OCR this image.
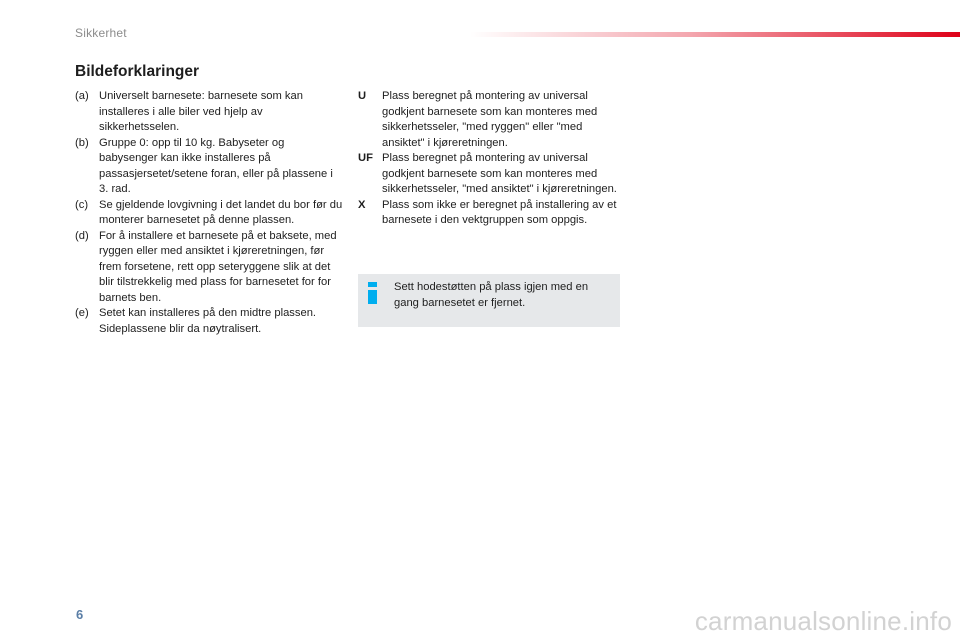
Sikkerhet
Bildeforklaringer
(a) Universelt barnesete: barnesete som kan installeres i alle biler ved hjelp av sikkerhetsselen.
(b) Gruppe 0: opp til 10 kg. Babyseter og babysenger kan ikke installeres på passasjersetet/setene foran, eller på plassene i 3. rad.
(c) Se gjeldende lovgivning i det landet du bor før du monterer barnesetet på denne plassen.
(d) For å installere et barnesete på et baksete, med ryggen eller med ansiktet i kjøreretningen, før frem forsetene, rett opp seteryggene slik at det blir tilstrekkelig med plass for barnesetet for for barnets ben.
(e) Setet kan installeres på den midtre plassen. Sideplassene blir da nøytralisert.
U	Plass beregnet på montering av universal godkjent barnesete som kan monteres med sikkerhetsseler, "med ryggen" eller "med ansiktet" i kjøreretningen.
UF Plass beregnet på montering av universal godkjent barnesete som kan monteres med sikkerhetsseler, "med ansiktet" i kjøreretningen.
X	Plass som ikke er beregnet på installering av et barnesete i den vektgruppen som oppgis.
Sett hodestøtten på plass igjen med en gang barnesetet er fjernet.
6	carmanualsonline.info
